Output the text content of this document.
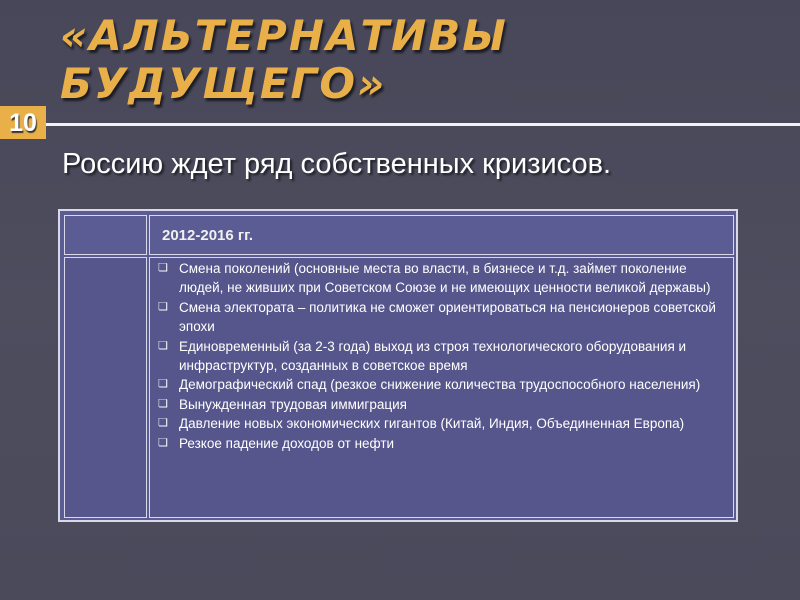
«АЛЬТЕРНАТИВЫ
БУДУЩЕГО»
10
Россию ждет ряд собственных кризисов.
2012-2016 гг.
❏ Смена поколений (основные места во власти, в бизнесе и т.д. займет поколение людей, не живших при Советском Союзе и не имеющих ценности великой державы)
❏ Смена электората – политика не сможет ориентироваться на пенсионеров советской эпохи
❏ Единовременный (за 2-3 года) выход из строя технологического оборудования и инфраструктур, созданных в советское время
❏ Демографический спад (резкое снижение количества трудоспособного населения)
❏ Вынужденная трудовая иммиграция
❏ Давление новых экономических гигантов (Китай, Индия, Объединенная Европа)
❏ Резкое падение доходов от нефти
